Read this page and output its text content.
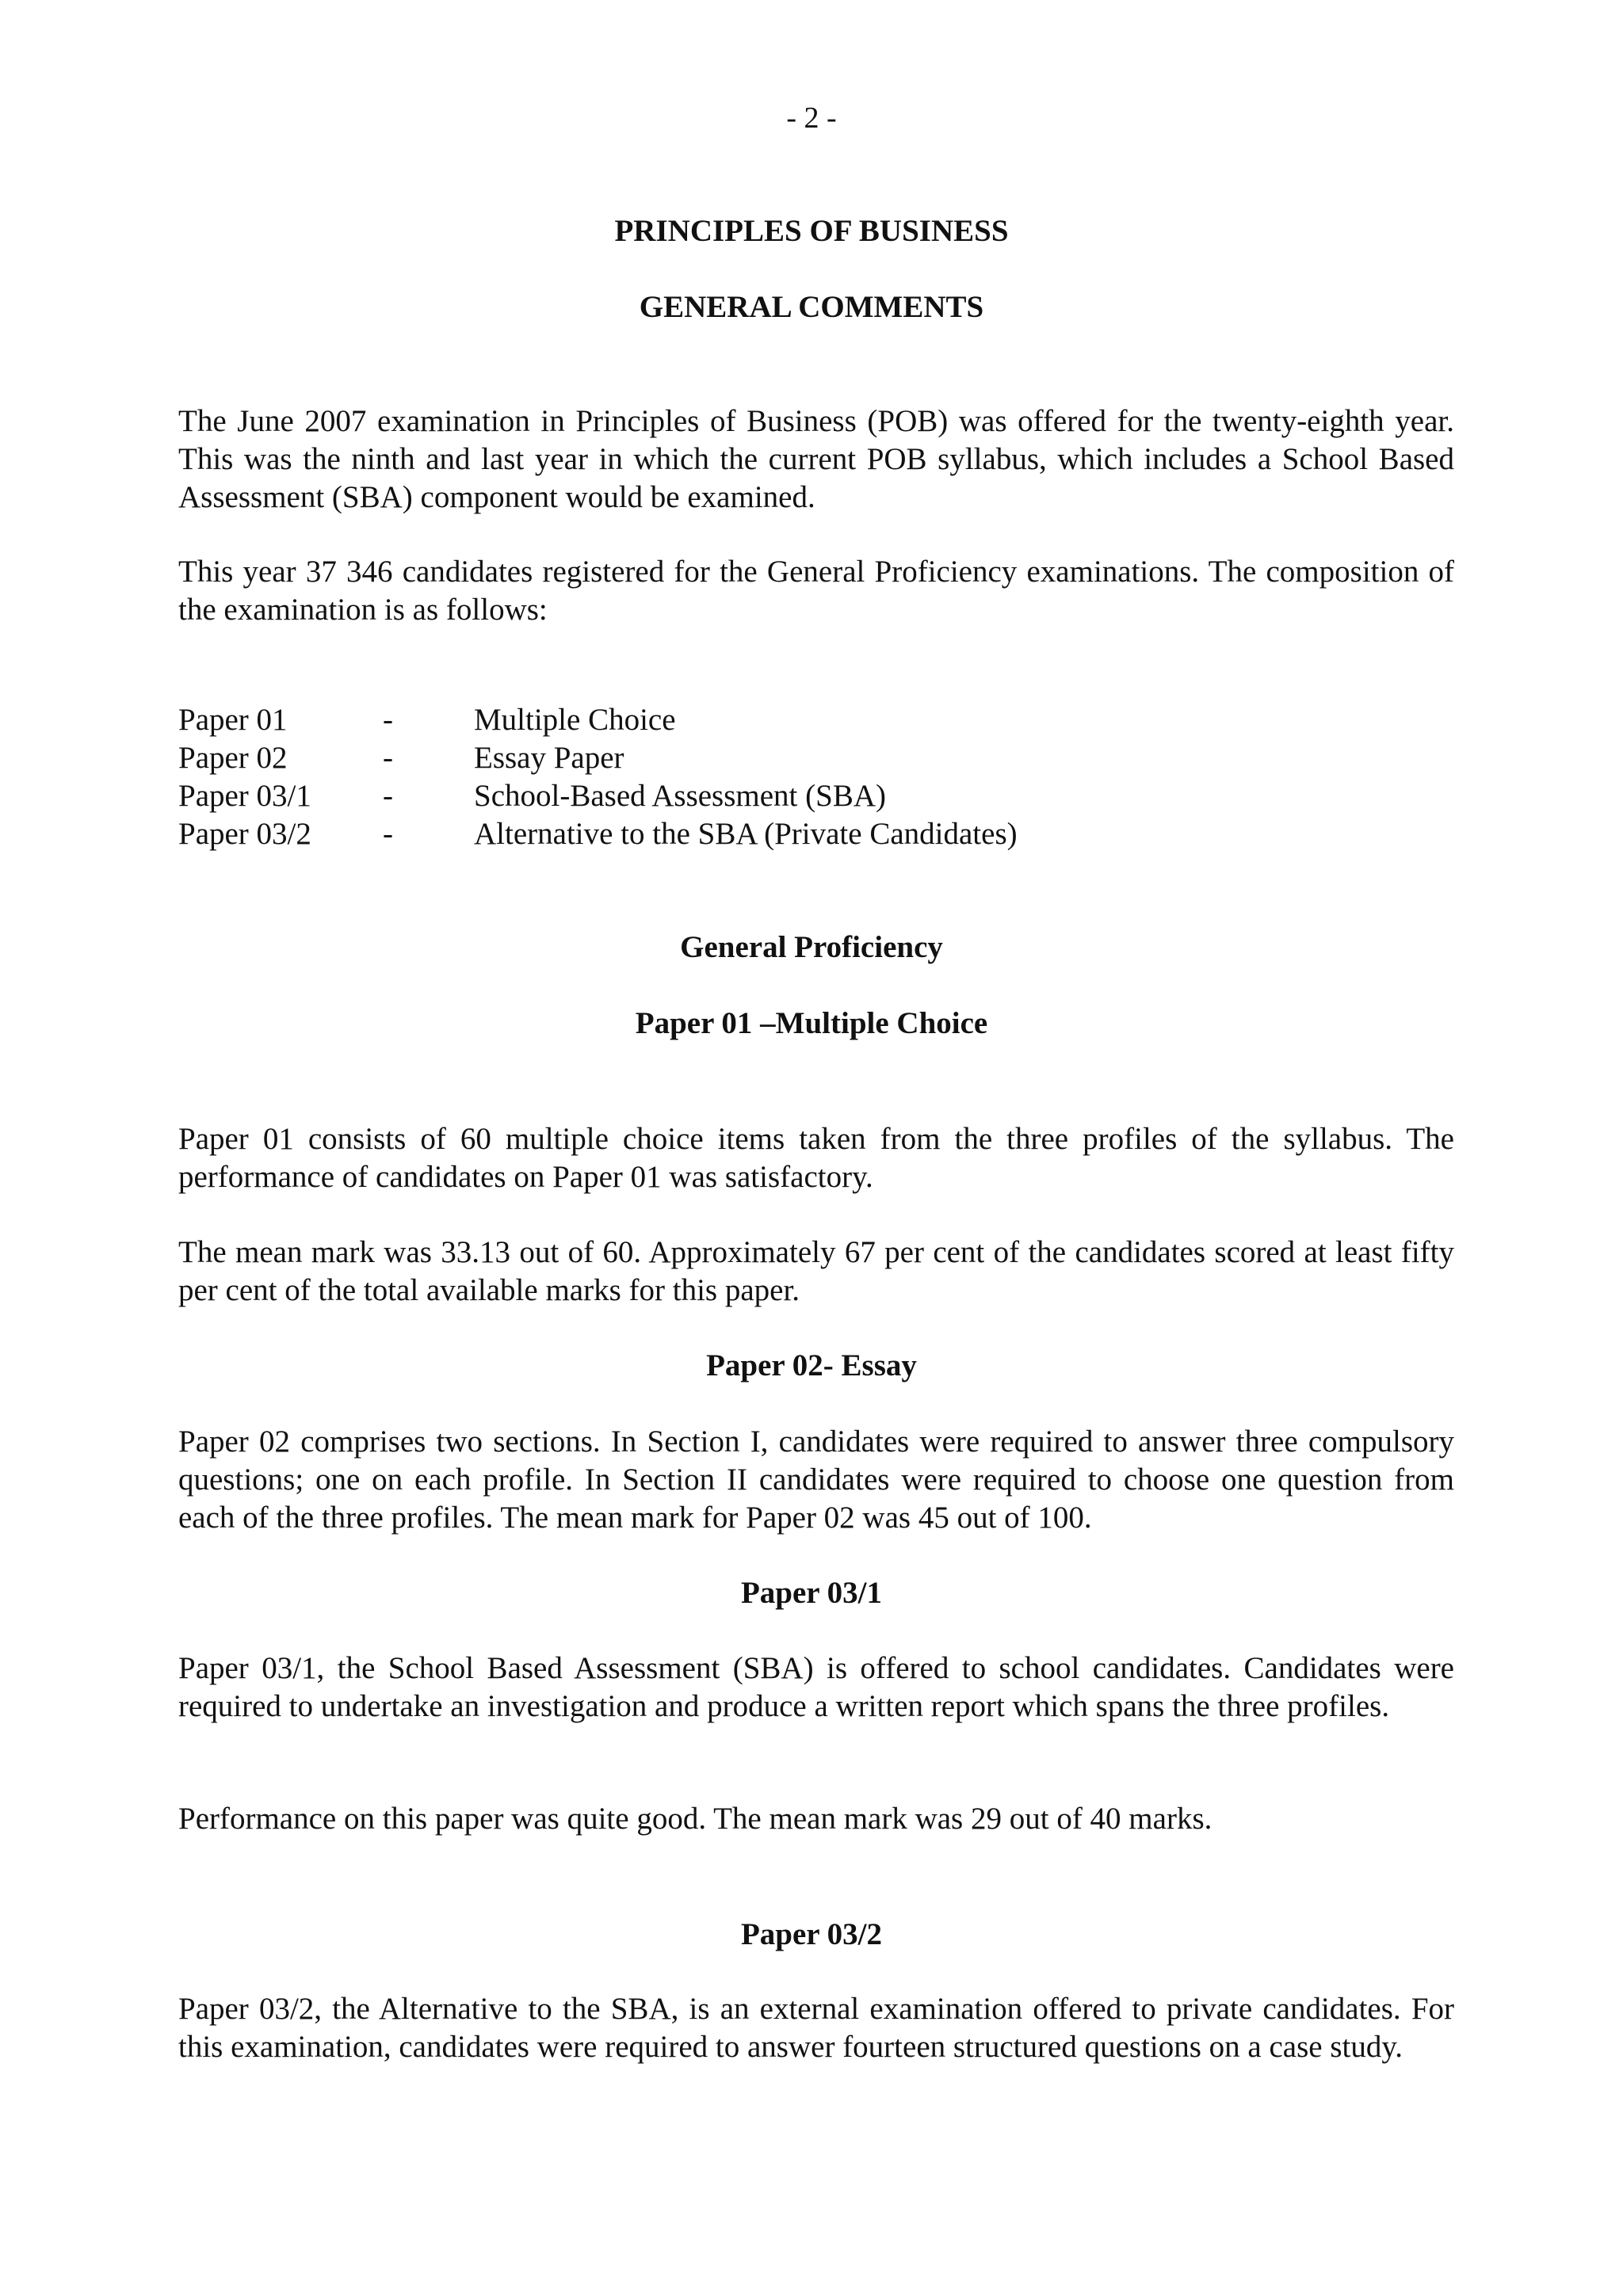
- 2 -
PRINCIPLES OF BUSINESS
GENERAL COMMENTS
The June 2007 examination in Principles of Business (POB) was offered for the twenty-eighth year. This was the ninth and last year in which the current POB syllabus, which includes a School Based Assessment (SBA) component would be examined.
This year 37 346 candidates registered for the General Proficiency examinations. The composition of the examination is as follows:
Paper 01	-	Multiple Choice
Paper 02	-	Essay Paper
Paper 03/1 -	School-Based Assessment (SBA)
Paper 03/2 -	Alternative to the SBA (Private Candidates)
General Proficiency
Paper 01 –Multiple Choice
Paper 01 consists of 60 multiple choice items taken from the three profiles of the syllabus. The performance of candidates on Paper 01 was satisfactory.
The mean mark was 33.13 out of 60. Approximately 67 per cent of the candidates scored at least fifty per cent of the total available marks for this paper.
Paper 02- Essay
Paper 02 comprises two sections. In Section I, candidates were required to answer three compulsory questions; one on each profile. In Section II candidates were required to choose one question from each of the three profiles. The mean mark for Paper 02 was 45 out of 100.
Paper 03/1
Paper 03/1, the School Based Assessment (SBA) is offered to school candidates. Candidates were required to undertake an investigation and produce a written report which spans the three profiles.
Performance on this paper was quite good. The mean mark was 29 out of 40 marks.
Paper 03/2
Paper 03/2, the Alternative to the SBA, is an external examination offered to private candidates. For this examination, candidates were required to answer fourteen structured questions on a case study.
